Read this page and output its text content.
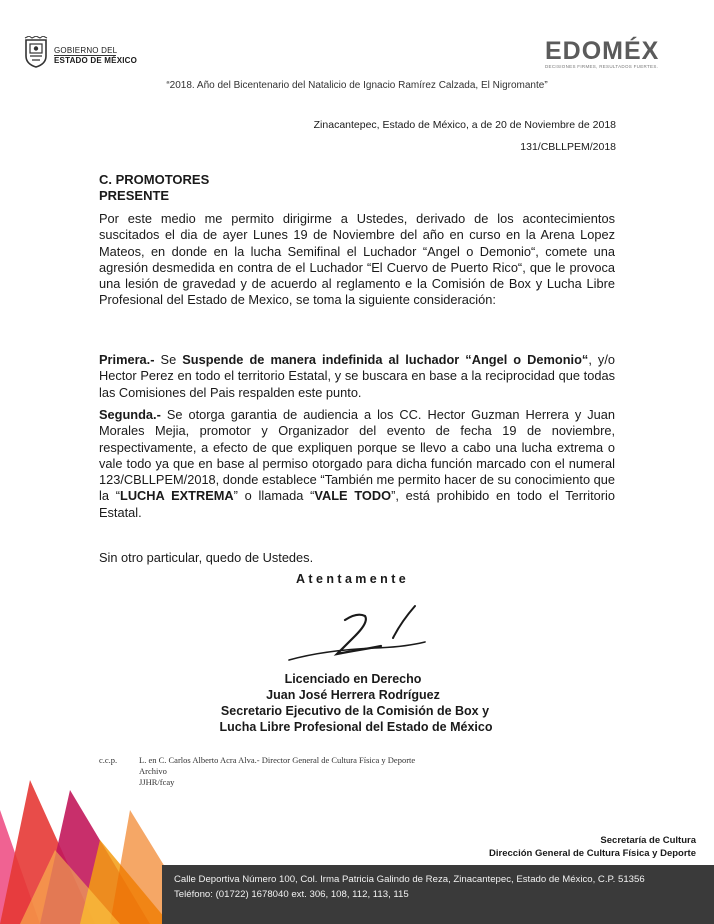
GOBIERNO DEL
ESTADO DE MÉXICO	EDOMÉX
DECISIONES FIRMES, RESULTADOS FUERTES.
“2018. Año del Bicentenario del Natalicio de Ignacio Ramírez Calzada, El Nigromante”
Zinacantepec, Estado de México, a de 20 de Noviembre de 2018
131/CBLLPEM/2018
C. PROMOTORES
PRESENTE
Por este medio me permito dirigirme a Ustedes, derivado de los acontecimientos suscitados el dia de ayer Lunes 19 de Noviembre del año en curso en la Arena Lopez Mateos, en donde en la lucha Semifinal el Luchador “Angel o Demonio“, comete una agresión desmedida en contra de el Luchador “El Cuervo de Puerto Rico“, que le provoca una lesión de gravedad y de acuerdo al reglamento e la Comisión de Box y Lucha Libre Profesional del Estado de Mexico, se toma la siguiente consideración:
Primera.- Se Suspende de manera indefinida al luchador “Angel o Demonio“, y/o Hector Perez en todo el territorio Estatal, y se buscara en base a la reciprocidad que todas las Comisiones del Pais respalden este punto.
Segunda.- Se otorga garantia de audiencia a los CC. Hector Guzman Herrera y Juan Morales Mejia, promotor y Organizador del evento de fecha 19 de noviembre, respectivamente, a efecto de que expliquen porque se llevo a cabo una lucha extrema o vale todo ya que en base al permiso otorgado para dicha función marcado con el numeral 123/CBLLPEM/2018, donde establece “También me permito hacer de su conocimiento que la “LUCHA EXTREMA” o llamada “VALE TODO”, está prohibido en todo el Territorio Estatal.
Sin otro particular, quedo de Ustedes.
Atentamente
Licenciado en Derecho
Juan José Herrera Rodríguez
Secretario Ejecutivo de la Comisión de Box y
Lucha Libre Profesional del Estado de México
c.c.p.	L. en C. Carlos Alberto Acra Alva.- Director General de Cultura Física y Deporte
Archivo
JJHR/fcay
Secretaría de Cultura
Dirección General de Cultura Física y Deporte
Calle Deportiva Número 100, Col. Irma Patricia Galindo de Reza, Zinacantepec, Estado de México, C.P. 51356
Teléfono: (01722) 1678040 ext. 306, 108, 112, 113, 115
